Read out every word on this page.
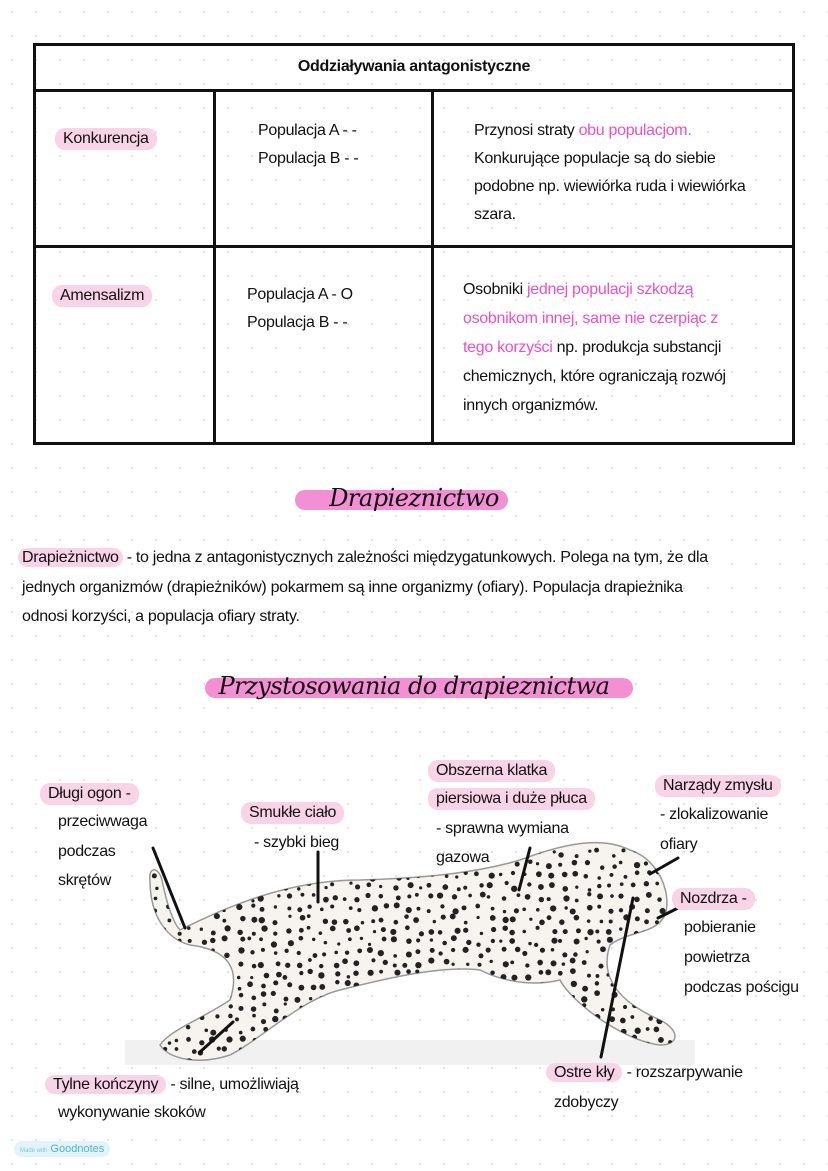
Oddziaływania antagonistyczne
Konkurencja	Populacja A - -
Populacja B - -
Przynosi straty obu populacjom.
Konkurujące populacje są do siebie
podobne np. wiewiórka ruda i wiewiórka
szara.
Amensalizm	Populacja A - O
Populacja B - -
Osobniki jednej populacji szkodzą
osobnikom innej, same nie czerpiąc z
tego korzyści np. produkcja substancji
chemicznych, które ograniczają rozwój
innych organizmów.
Drapieznictwo
Drapieżnictwo - to jedna z antagonistycznych zależności międzygatunkowych. Polega na tym, że dla
jednych organizmów (drapieżników) pokarmem są inne organizmy (ofiary). Populacja drapieżnika
odnosi korzyści, a populacja ofiary straty.
Przystosowania do drapieznictwa
Długi ogon -
przeciwwaga
podczas
skrętów
Smukłe ciało
- szybki bieg
Obszerna klatka
piersiowa i duże płuca
- sprawna wymiana
gazowa
Narządy zmysłu
- zlokalizowanie
ofiary
Nozdrza -
pobieranie
powietrza
podczas pościgu
Ostre kły - rozszarpywanie
zdobyczy
Tylne kończyny - silne, umożliwiają
wykonywanie skoków
Made with Goodnotes
